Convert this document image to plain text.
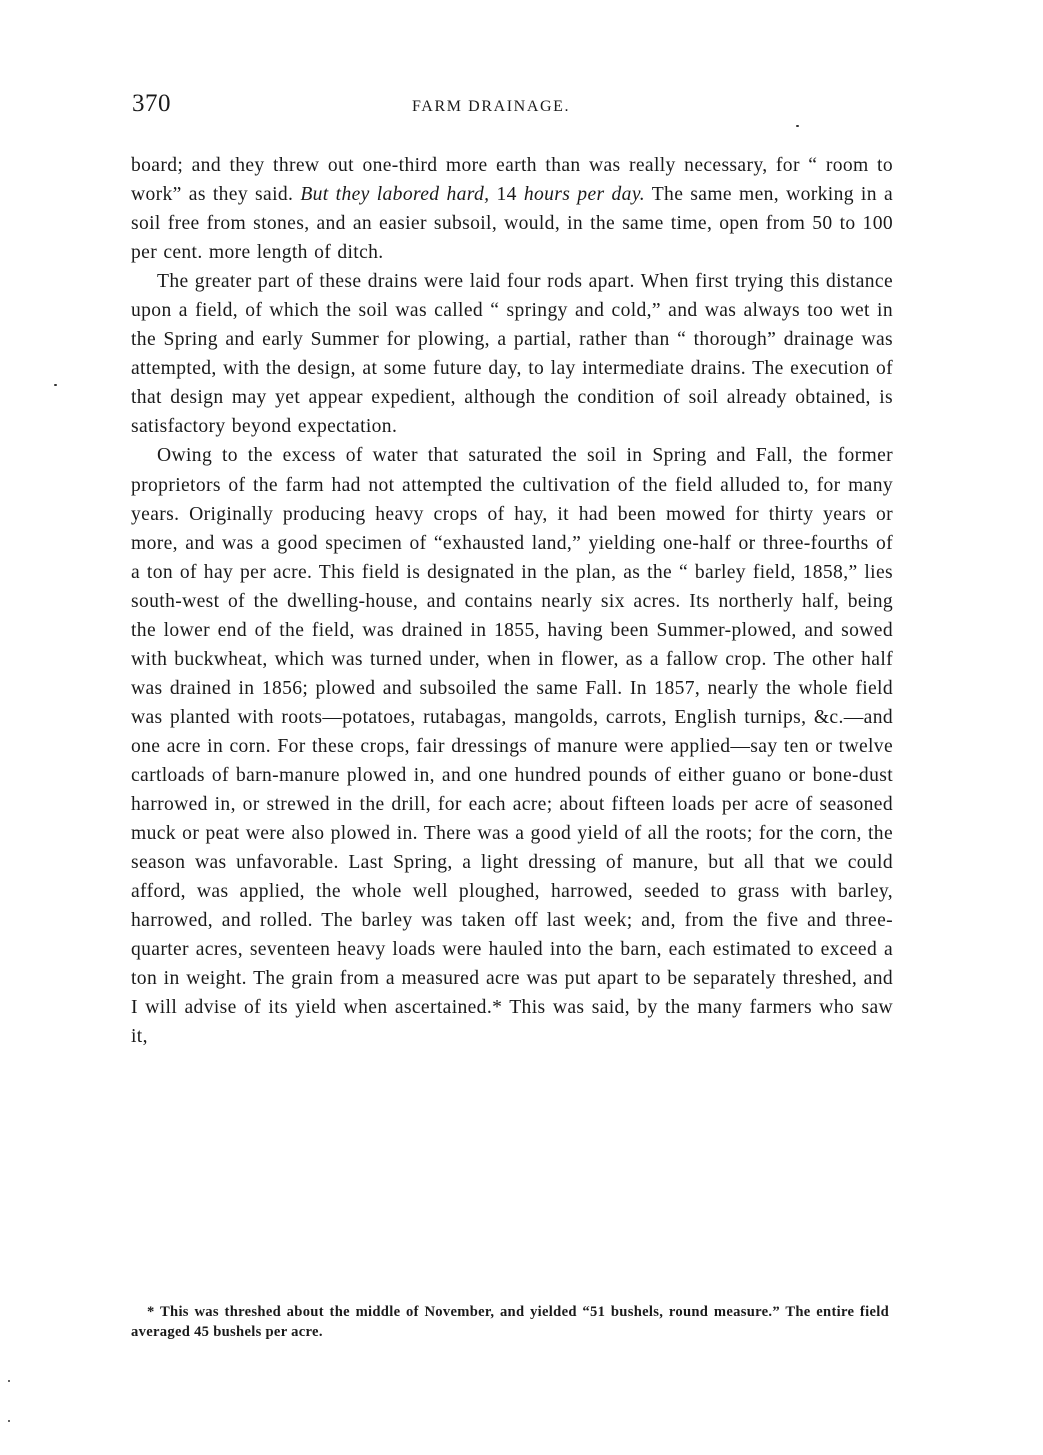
370	FARM DRAINAGE.

board; and they threw out one-third more earth than was really necessary, for “ room to work” as they said. But they labored hard, 14 hours per day. The same men, working in a soil free from stones, and an easier subsoil, would, in the same time, open from 50 to 100 per cent. more length of ditch.

The greater part of these drains were laid four rods apart. When first trying this distance upon a field, of which the soil was called “ springy and cold,” and was always too wet in the Spring and early Summer for plowing, a partial, rather than “ thorough” drainage was attempted, with the design, at some future day, to lay intermediate drains. The execution of that design may yet appear expedient, although the condition of soil already obtained, is satisfactory beyond expectation.

Owing to the excess of water that saturated the soil in Spring and Fall, the former proprietors of the farm had not attempted the cultivation of the field alluded to, for many years. Originally producing heavy crops of hay, it had been mowed for thirty years or more, and was a good specimen of “exhausted land,” yielding one-half or three-fourths of a ton of hay per acre. This field is designated in the plan, as the “ barley field, 1858,” lies south-west of the dwelling-house, and contains nearly six acres. Its northerly half, being the lower end of the field, was drained in 1855, having been Summer-plowed, and sowed with buckwheat, which was turned under, when in flower, as a fallow crop. The other half was drained in 1856; plowed and subsoiled the same Fall. In 1857, nearly the whole field was planted with roots—potatoes, rutabagas, mangolds, carrots, English turnips, &c.—and one acre in corn. For these crops, fair dressings of manure were applied—say ten or twelve cartloads of barn-manure plowed in, and one hundred pounds of either guano or bone-dust harrowed in, or strewed in the drill, for each acre; about fifteen loads per acre of seasoned muck or peat were also plowed in. There was a good yield of all the roots; for the corn, the season was unfavorable. Last Spring, a light dressing of manure, but all that we could afford, was applied, the whole well ploughed, harrowed, seeded to grass with barley, harrowed, and rolled. The barley was taken off last week; and, from the five and three-quarter acres, seventeen heavy loads were hauled into the barn, each estimated to exceed a ton in weight. The grain from a measured acre was put apart to be separately threshed, and I will advise of its yield when ascertained.* This was said, by the many farmers who saw it,

* This was threshed about the middle of November, and yielded “51 bushels, round measure.” The entire field averaged 45 bushels per acre.
